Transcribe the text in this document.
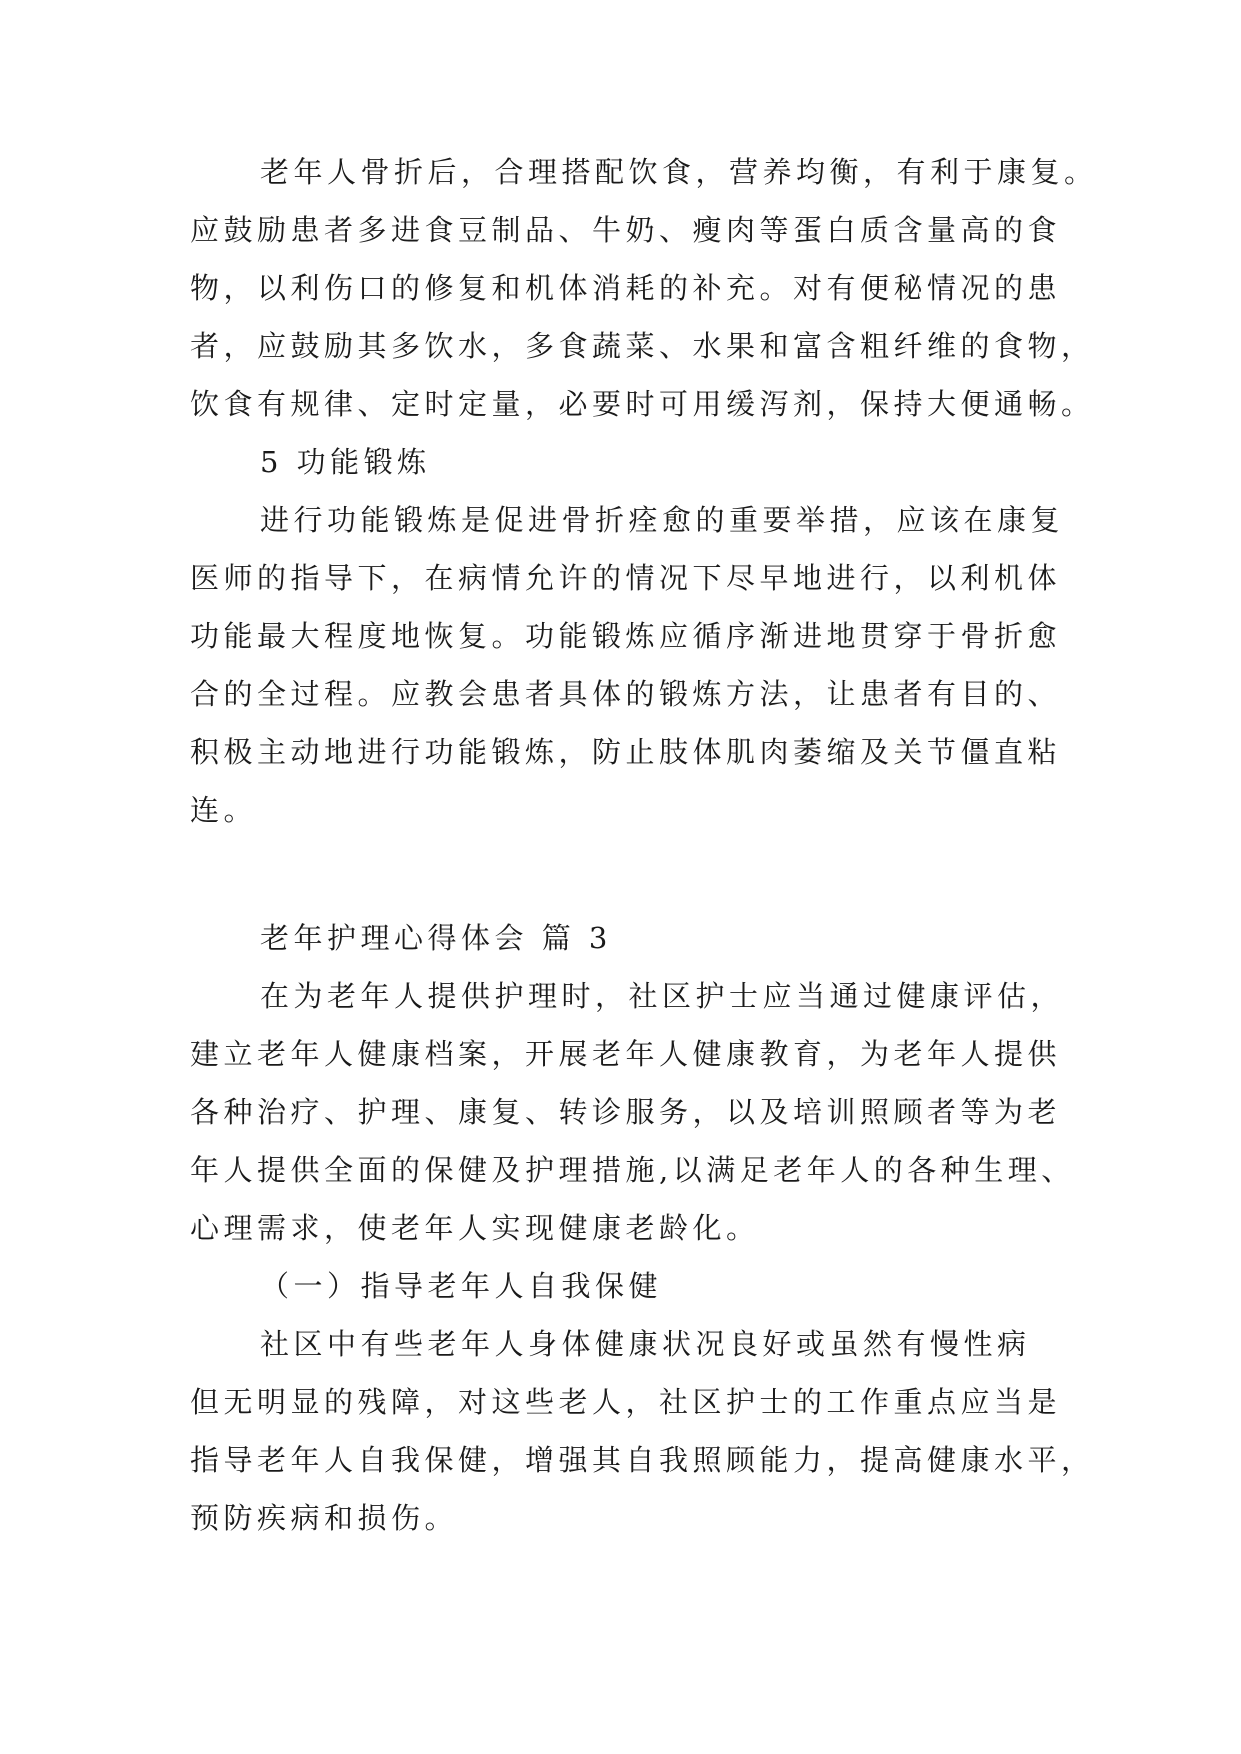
老年人骨折后，合理搭配饮食，营养均衡，有利于康复。
应鼓励患者多进食豆制品、牛奶、瘦肉等蛋白质含量高的食
物，以利伤口的修复和机体消耗的补充。对有便秘情况的患
者，应鼓励其多饮水，多食蔬菜、水果和富含粗纤维的食物，
饮食有规律、定时定量，必要时可用缓泻剂，保持大便通畅。
5 功能锻炼
进行功能锻炼是促进骨折痊愈的重要举措，应该在康复
医师的指导下，在病情允许的情况下尽早地进行，以利机体
功能最大程度地恢复。功能锻炼应循序渐进地贯穿于骨折愈
合的全过程。应教会患者具体的锻炼方法，让患者有目的、
积极主动地进行功能锻炼，防止肢体肌肉萎缩及关节僵直粘
连。
老年护理心得体会 篇 3
在为老年人提供护理时，社区护士应当通过健康评估，
建立老年人健康档案，开展老年人健康教育，为老年人提供
各种治疗、护理、康复、转诊服务，以及培训照顾者等为老
年人提供全面的保健及护理措施,以满足老年人的各种生理、
心理需求，使老年人实现健康老龄化。
（一）指导老年人自我保健
社区中有些老年人身体健康状况良好或虽然有慢性病
但无明显的残障，对这些老人，社区护士的工作重点应当是
指导老年人自我保健，增强其自我照顾能力，提高健康水平，
预防疾病和损伤。
